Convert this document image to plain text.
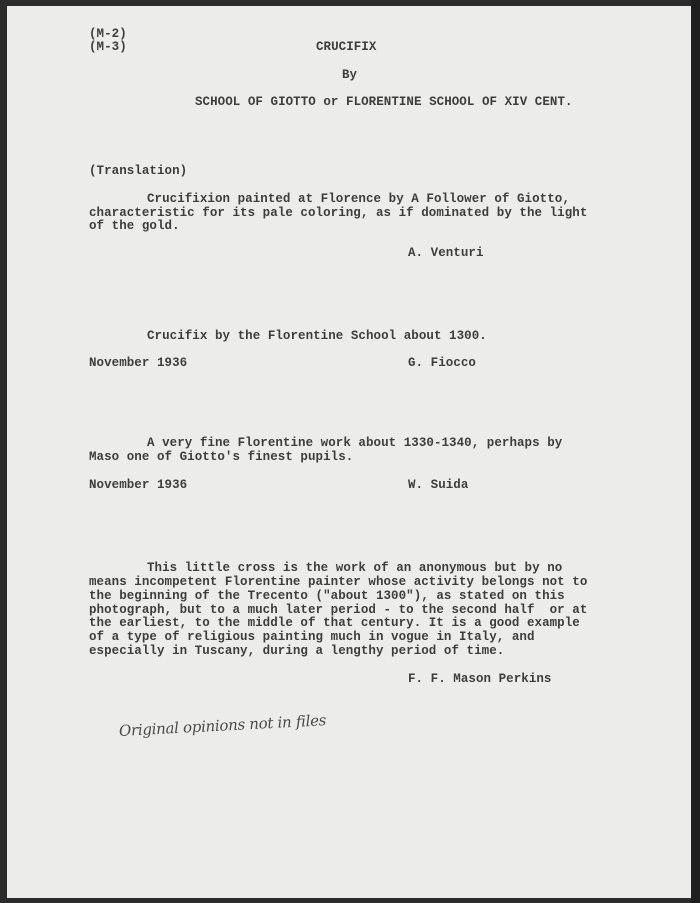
(M-2)
(M-3)	CRUCIFIX
By
SCHOOL OF GIOTTO or FLORENTINE SCHOOL OF XIV CENT.
(Translation)
Crucifixion painted at Florence by A Follower of Giotto,
characteristic for its pale coloring, as if dominated by the light
of the gold.
A. Venturi
Crucifix by the Florentine School about 1300.
November 1936	G. Fiocco
A very fine Florentine work about 1330-1340, perhaps by
Maso one of Giotto's finest pupils.
November 1936	W. Suida
This little cross is the work of an anonymous but by no
means incompetent Florentine painter whose activity belongs not to
the beginning of the Trecento ("about 1300"), as stated on this
photograph, but to a much later period - to the second half  or at
the earliest, to the middle of that century. It is a good example
of a type of religious painting much in vogue in Italy, and
especially in Tuscany, during a lengthy period of time.
F. F. Mason Perkins
Original opinions not in files
